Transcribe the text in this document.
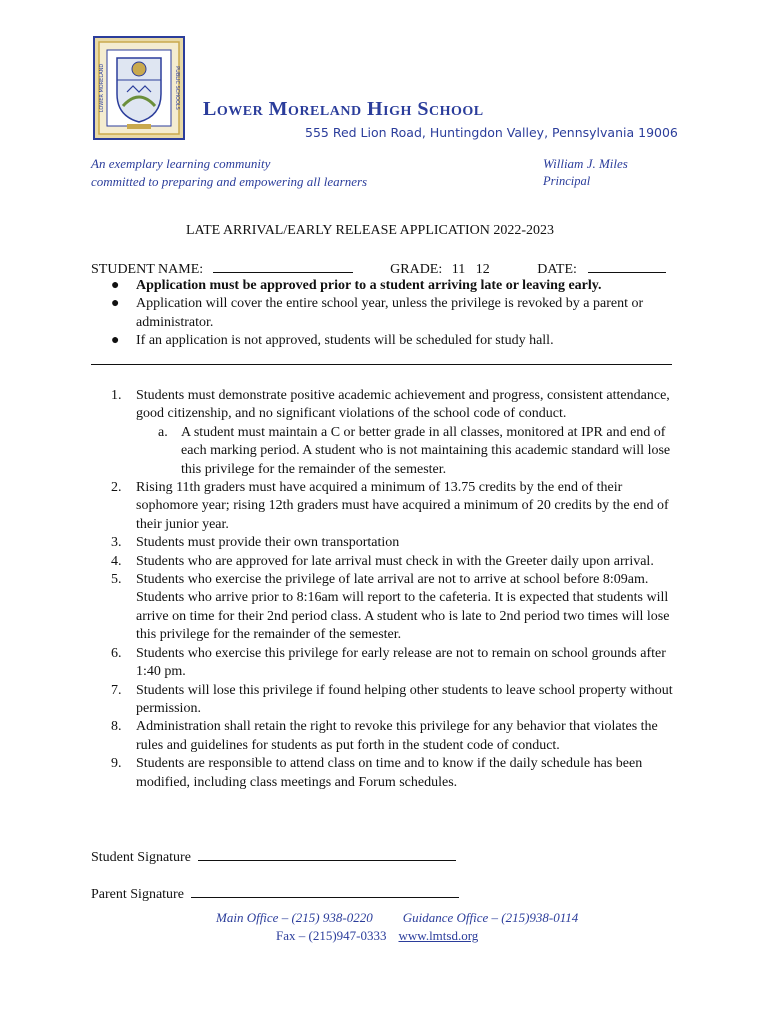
LOWER MORELAND	PUBLIC SCHOOLS Lower Moreland High School
555 Red Lion Road, Huntingdon Valley, Pennsylvania 19006
An exemplary learning community
committed to preparing and empowering all learners
William J. Miles
Principal
LATE ARRIVAL/EARLY RELEASE APPLICATION 2022-2023
STUDENT NAME:	GRADE: 11   12	DATE:
● Application must be approved prior to a student arriving late or leaving early.
● Application will cover the entire school year, unless the privilege is revoked by a parent or administrator.
● If an application is not approved, students will be scheduled for study hall.
1. Students must demonstrate positive academic achievement and progress, consistent attendance, good citizenship, and no significant violations of the school code of conduct.
a. A student must maintain a C or better grade in all classes, monitored at IPR and end of each marking period. A student who is not maintaining this academic standard will lose this privilege for the remainder of the semester.
2. Rising 11th graders must have acquired a minimum of 13.75 credits by the end of their sophomore year; rising 12th graders must have acquired a minimum of 20 credits by the end of their junior year.
3. Students must provide their own transportation
4. Students who are approved for late arrival must check in with the Greeter daily upon arrival.
5. Students who exercise the privilege of late arrival are not to arrive at school before 8:09am. Students who arrive prior to 8:16am will report to the cafeteria. It is expected that students will arrive on time for their 2nd period class. A student who is late to 2nd period two times will lose this privilege for the remainder of the semester.
6. Students who exercise this privilege for early release are not to remain on school grounds after 1:40 pm.
7. Students will lose this privilege if found helping other students to leave school property without permission.
8. Administration shall retain the right to revoke this privilege for any behavior that violates the rules and guidelines for students as put forth in the student code of conduct.
9. Students are responsible to attend class on time and to know if the daily schedule has been modified, including class meetings and Forum schedules.
Student Signature
Parent Signature
Main Office – (215) 938-0220 Guidance Office – (215)938-0114
Fax – (215)947-0333 www.lmtsd.org
